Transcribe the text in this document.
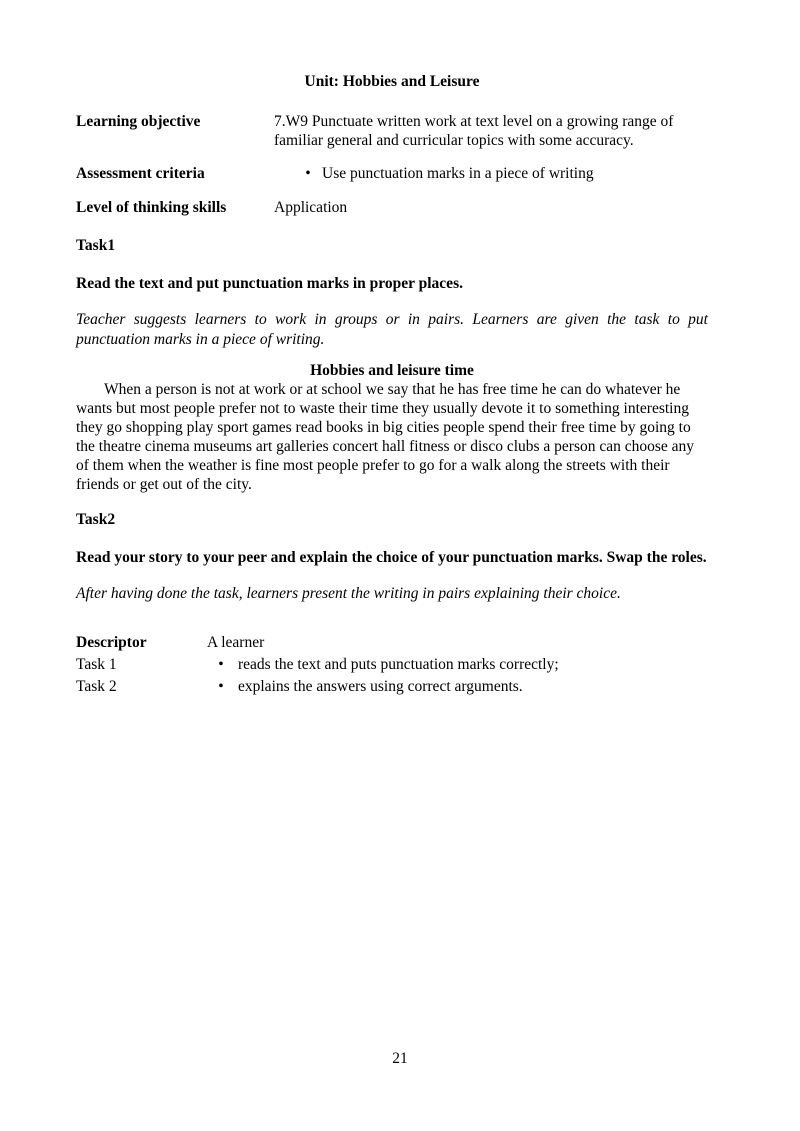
Unit: Hobbies and Leisure

Learning objective	7.W9 Punctuate written work at text level on a growing range of familiar general and curricular topics with some accuracy.
Assessment criteria	• Use punctuation marks in a piece of writing
Level of thinking skills	Application

Task1

Read the text and put punctuation marks in proper places.

Teacher suggests learners to work in groups or in pairs. Learners are given the task to put punctuation marks in a piece of writing.

Hobbies and leisure time

When a person is not at work or at school we say that he has free time he can do whatever he wants but most people prefer not to waste their time they usually devote it to something interesting they go shopping play sport games read books in big cities people spend their free time by going to the theatre cinema museums art galleries concert hall fitness or disco clubs a person can choose any of them when the weather is fine most people prefer to go for a walk along the streets with their friends or get out of the city.

Task2

Read your story to your peer and explain the choice of your punctuation marks. Swap the roles.

After having done the task, learners present the writing in pairs explaining their choice.

Descriptor	A learner
Task 1	• reads the text and puts punctuation marks correctly;
Task 2	• explains the answers using correct arguments.
21
